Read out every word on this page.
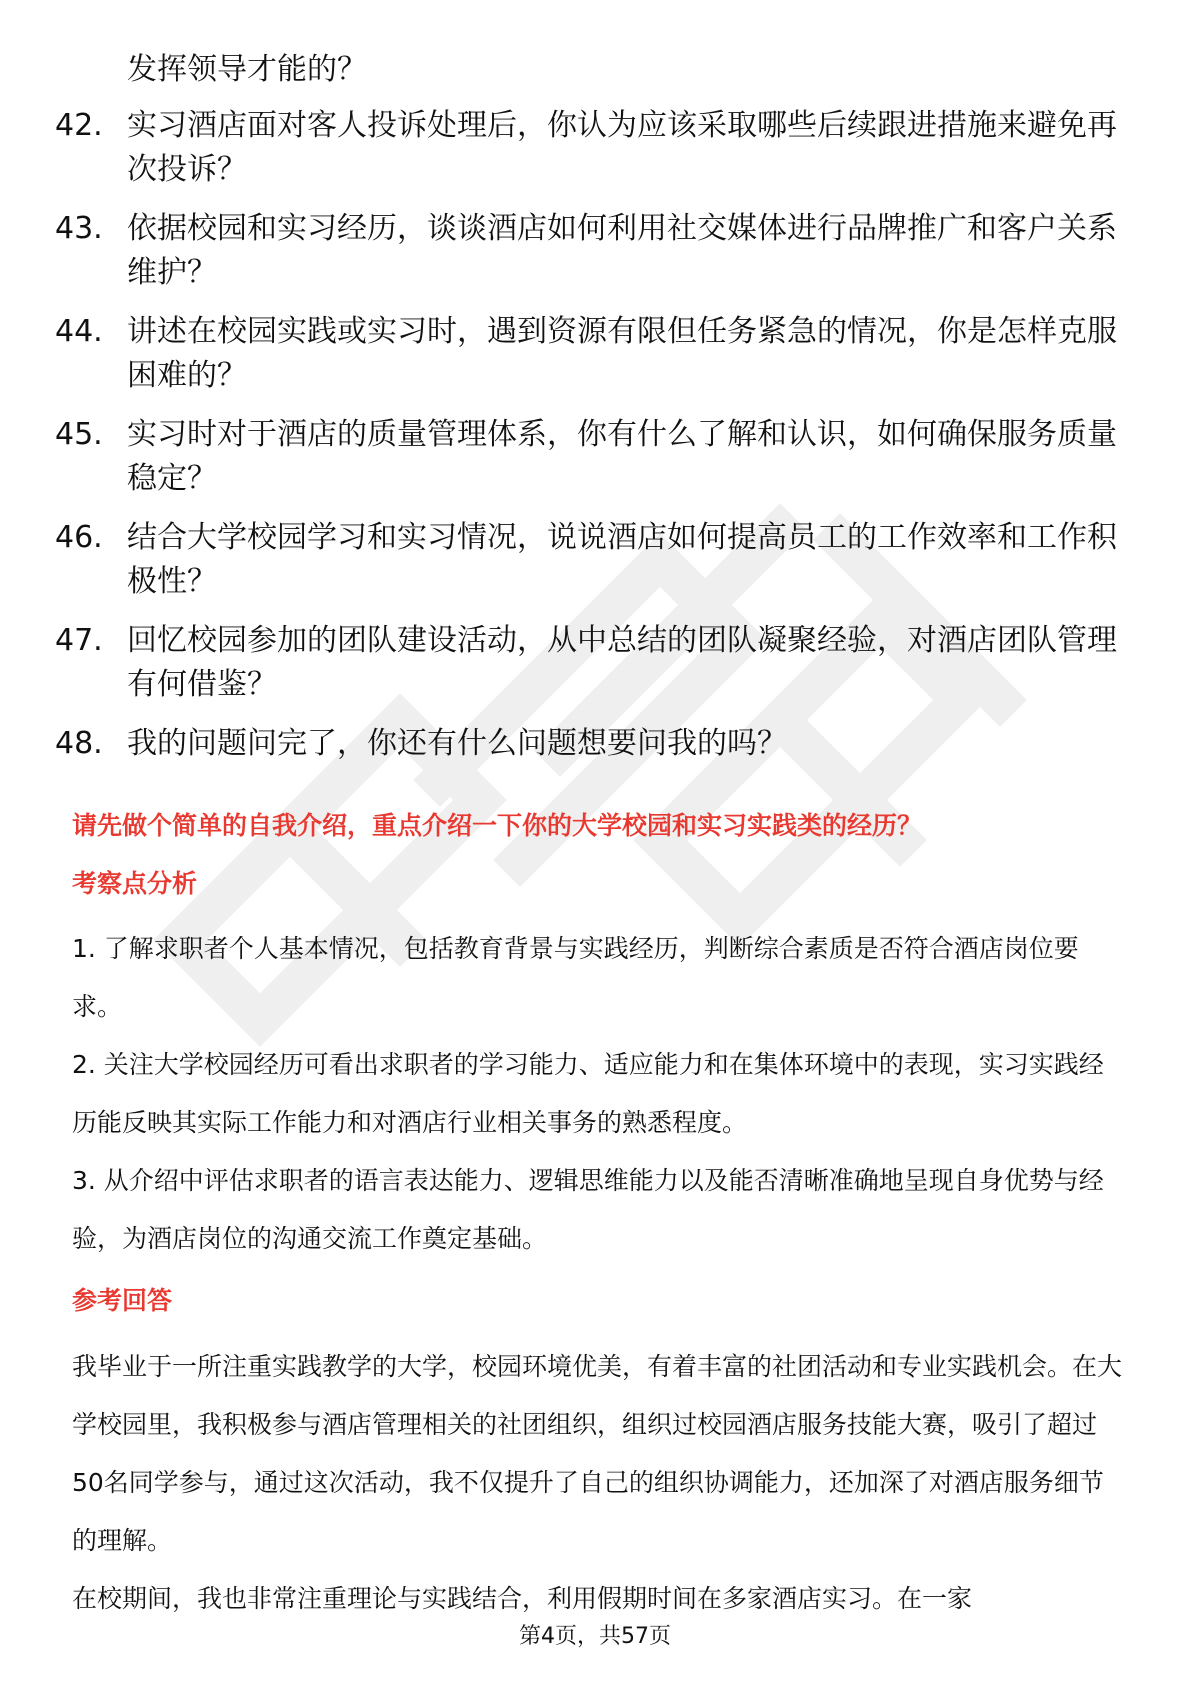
发挥领导才能的？

42. 实习酒店面对客人投诉处理后，你认为应该采取哪些后续跟进措施来避免再次投诉？
43. 依据校园和实习经历，谈谈酒店如何利用社交媒体进行品牌推广和客户关系维护？
44. 讲述在校园实践或实习时，遇到资源有限但任务紧急的情况，你是怎样克服困难的？
45. 实习时对于酒店的质量管理体系，你有什么了解和认识，如何确保服务质量稳定？
46. 结合大学校园学习和实习情况，说说酒店如何提高员工的工作效率和工作积极性？
47. 回忆校园参加的团队建设活动，从中总结的团队凝聚经验，对酒店团队管理有何借鉴？
48. 我的问题问完了，你还有什么问题想要问我的吗？

请先做个简单的自我介绍，重点介绍一下你的大学校园和实习实践类的经历？

考察点分析

1. 了解求职者个人基本情况，包括教育背景与实践经历，判断综合素质是否符合酒店岗位要求。
2. 关注大学校园经历可看出求职者的学习能力、适应能力和在集体环境中的表现，实习实践经历能反映其实际工作能力和对酒店行业相关事务的熟悉程度。
3. 从介绍中评估求职者的语言表达能力、逻辑思维能力以及能否清晰准确地呈现自身优势与经验，为酒店岗位的沟通交流工作奠定基础。

参考回答

我毕业于一所注重实践教学的大学，校园环境优美，有着丰富的社团活动和专业实践机会。在大学校园里，我积极参与酒店管理相关的社团组织，组织过校园酒店服务技能大赛，吸引了超过50名同学参与，通过这次活动，我不仅提升了自己的组织协调能力，还加深了对酒店服务细节的理解。

在校期间，我也非常注重理论与实践结合，利用假期时间在多家酒店实习。在一家

第4页，共57页
